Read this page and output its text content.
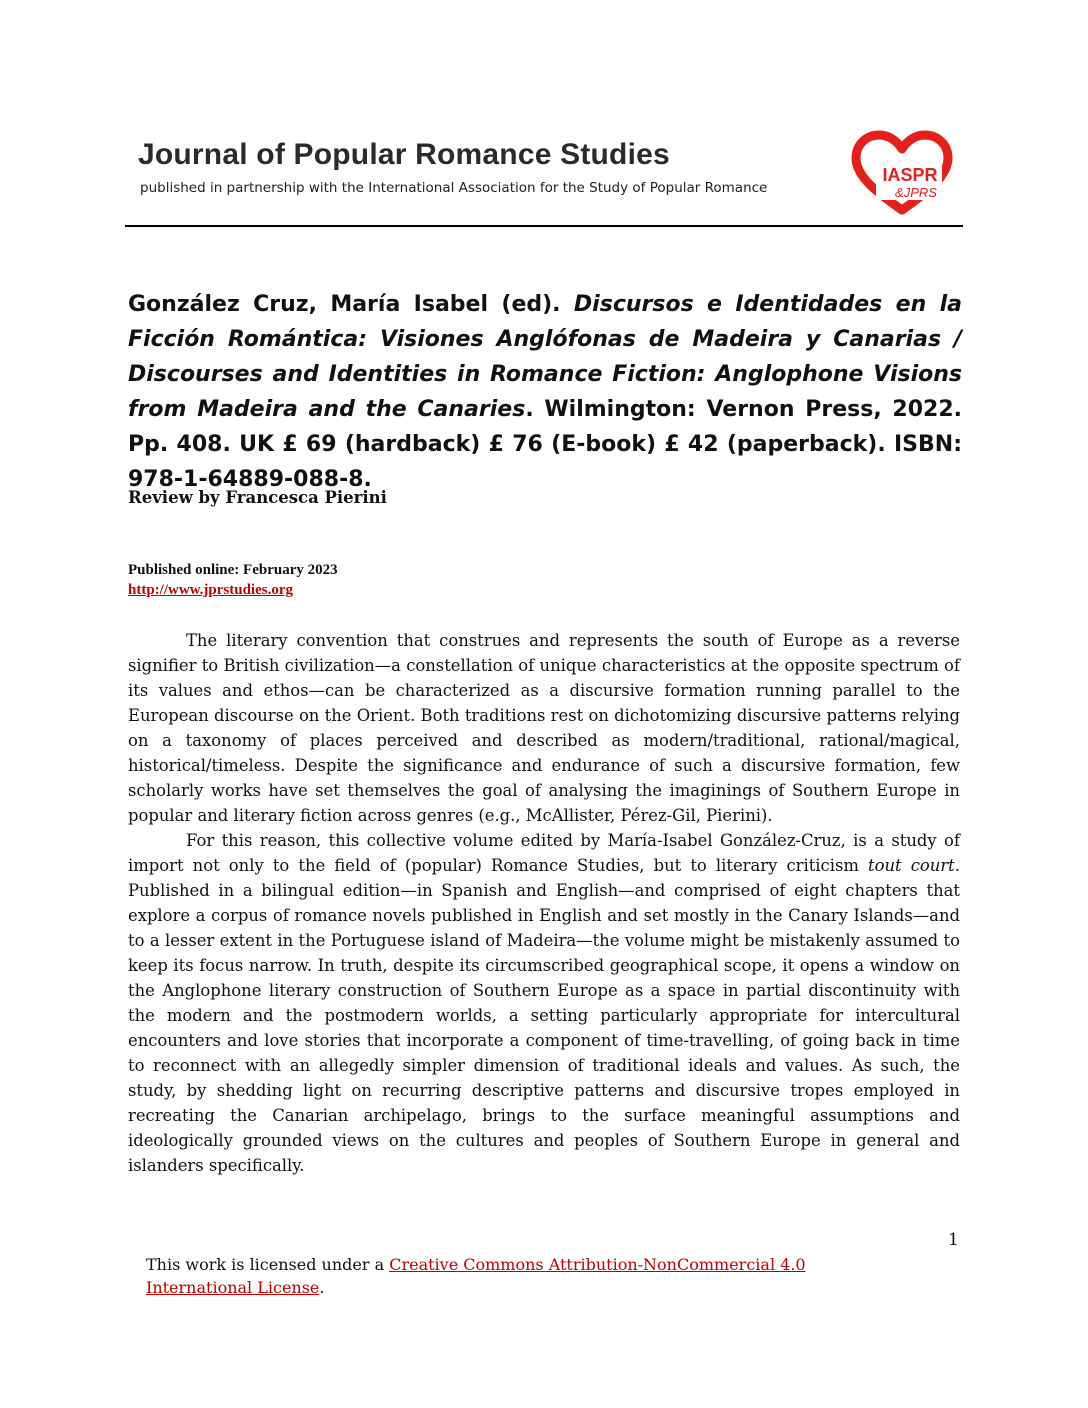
Journal of Popular Romance Studies
published in partnership with the International Association for the Study of Popular Romance
IASPR
&JPRS
González Cruz, María Isabel (ed). Discursos e Identidades en la Ficción Romántica: Visiones Anglófonas de Madeira y Canarias / Discourses and Identities in Romance Fiction: Anglophone Visions from Madeira and the Canaries. Wilmington: Vernon Press, 2022. Pp. 408. UK £ 69 (hardback) £ 76 (E-book) £ 42 (paperback). ISBN: 978-1-64889-088-8.
Review by Francesca Pierini
Published online: February 2023
http://www.jprstudies.org

The literary convention that construes and represents the south of Europe as a reverse signifier to British civilization—a constellation of unique characteristics at the opposite spectrum of its values and ethos—can be characterized as a discursive formation running parallel to the European discourse on the Orient. Both traditions rest on dichotomizing discursive patterns relying on a taxonomy of places perceived and described as modern/traditional, rational/magical, historical/timeless. Despite the significance and endurance of such a discursive formation, few scholarly works have set themselves the goal of analysing the imaginings of Southern Europe in popular and literary fiction across genres (e.g., McAllister, Pérez-Gil, Pierini).

For this reason, this collective volume edited by María-Isabel González-Cruz, is a study of import not only to the field of (popular) Romance Studies, but to literary criticism tout court. Published in a bilingual edition—in Spanish and English—and comprised of eight chapters that explore a corpus of romance novels published in English and set mostly in the Canary Islands—and to a lesser extent in the Portuguese island of Madeira—the volume might be mistakenly assumed to keep its focus narrow. In truth, despite its circumscribed geographical scope, it opens a window on the Anglophone literary construction of Southern Europe as a space in partial discontinuity with the modern and the postmodern worlds, a setting particularly appropriate for intercultural encounters and love stories that incorporate a component of time-travelling, of going back in time to reconnect with an allegedly simpler dimension of traditional ideals and values. As such, the study, by shedding light on recurring descriptive patterns and discursive tropes employed in recreating the Canarian archipelago, brings to the surface meaningful assumptions and ideologically grounded views on the cultures and peoples of Southern Europe in general and islanders specifically.

1
This work is licensed under a Creative Commons Attribution-NonCommercial 4.0 International License.
